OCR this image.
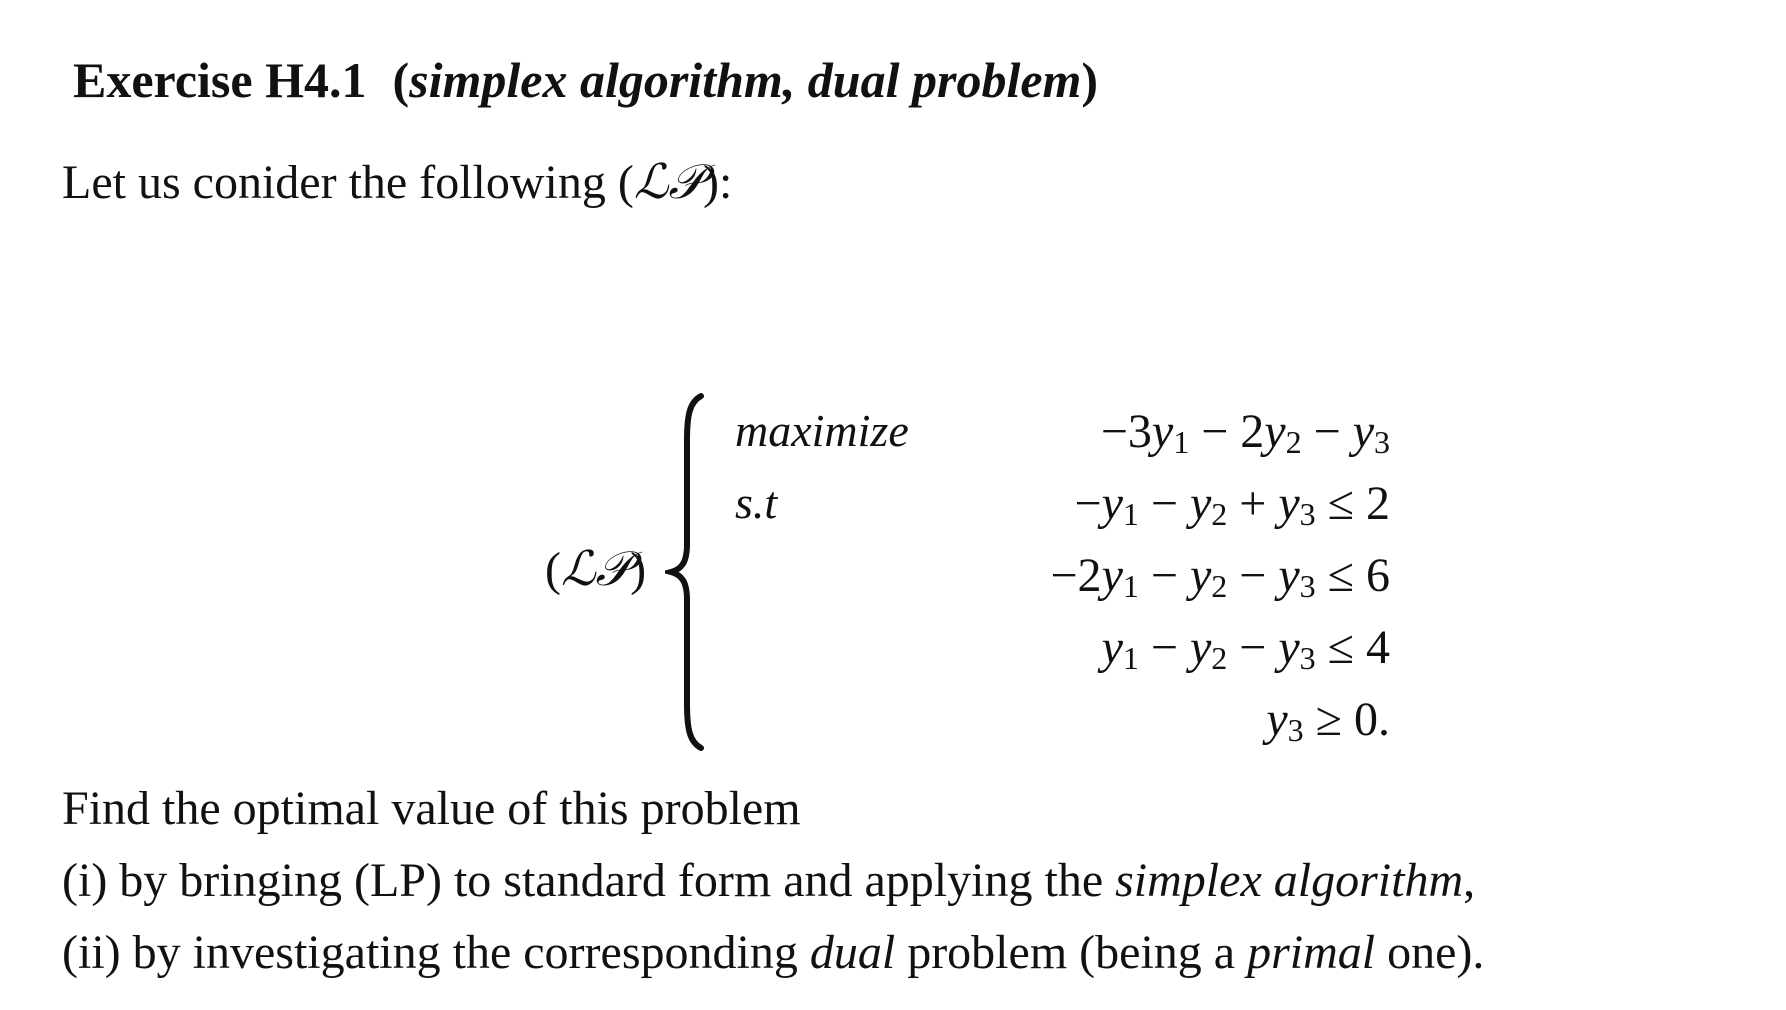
Exercise H4.1 (simplex algorithm, dual problem)
Let us conider the following (ℒ𝒫):
(ℒ𝒫)
maximize
s.t
$-3y_1 - 2y_2 - y_3$
$-y_1 - y_2 + y_3 \le 2$
$-2y_1 - y_2 - y_3 \le 6$
$y_1 - y_2 - y_3 \le 4$
$y_3 \ge 0$.
Find the optimal value of this problem
(i) by bringing (LP) to standard form and applying the simplex algorithm,
(ii) by investigating the corresponding dual problem (being a primal one).
